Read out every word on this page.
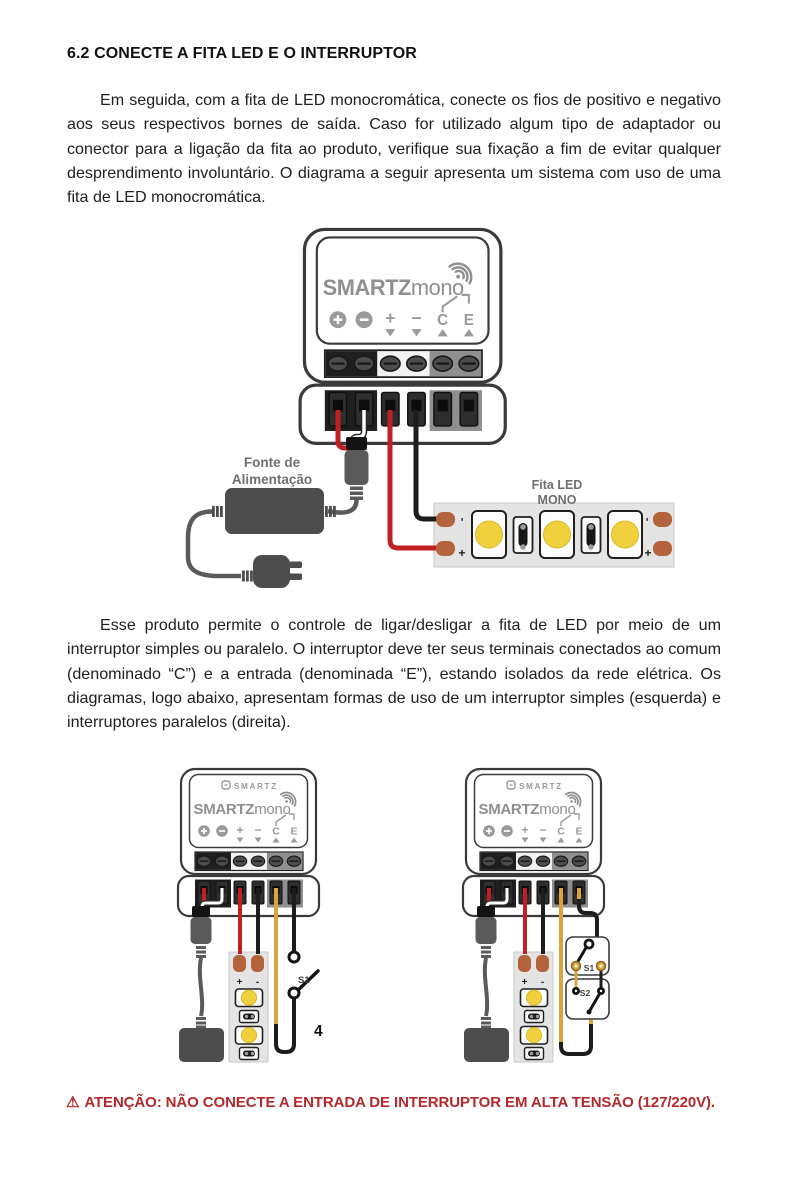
6.2 CONECTE A FITA LED E O INTERRUPTOR

Em seguida, com a fita de LED monocromática, conecte os fios de positivo e negativo aos seus respectivos bornes de saída. Caso for utilizado algum tipo de adaptador ou conector para a ligação da fita ao produto, verifique sua fixação a fim de evitar qualquer desprendimento involuntário. O diagrama a seguir apresenta um sistema com uso de uma fita de LED monocromática.

Fonte de Alimentação
-
+
-
+
Fita LED MONO

Esse produto permite o controle de ligar/desligar a fita de LED por meio de um interruptor simples ou paralelo. O interruptor deve ter seus terminais conectados ao comum (denominado “C”) e a entrada (denominada “E”), estando isolados da rede elétrica. Os diagramas, logo abaixo, apresentam formas de uso de um interruptor simples (esquerda) e interruptores paralelos (direita).

SMARTZ
+ -	S1
SMARTZ
+ -
S1
S2
4
⚠ ATENÇÃO: NÃO CONECTE A ENTRADA DE INTERRUPTOR EM ALTA TENSÃO (127/220V).
